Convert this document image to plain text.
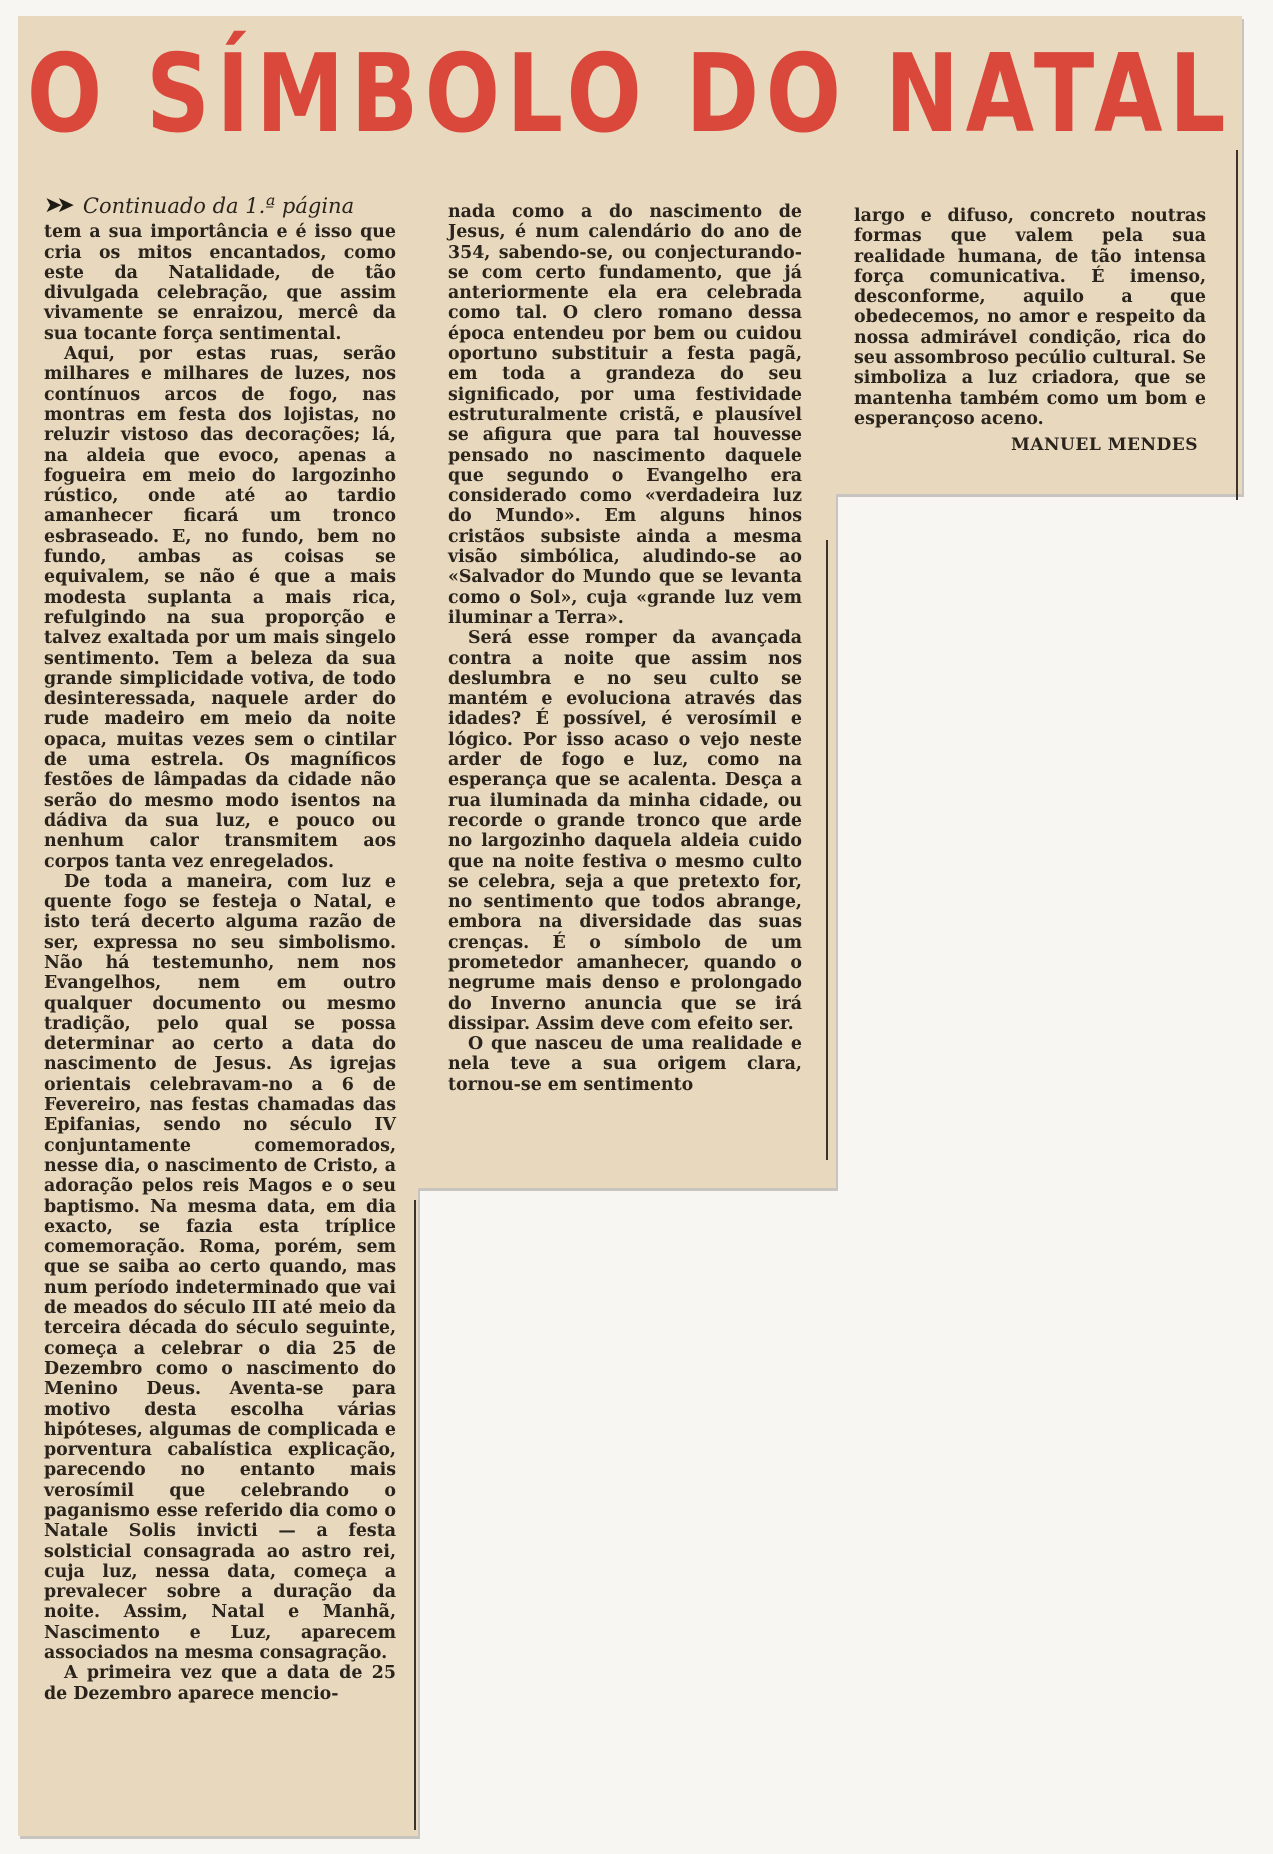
O SÍMBOLO DO NATAL
➤➤ Continuado da 1.ª página

tem a sua importância e é isso que cria os mitos encantados, como este da Natalidade, de tão divulgada celebração, que assim vivamente se enraizou, mercê da sua tocante força sentimental.

Aqui, por estas ruas, serão milhares e milhares de luzes, nos contínuos arcos de fogo, nas montras em festa dos lojistas, no reluzir vistoso das decorações; lá, na aldeia que evoco, apenas a fogueira em meio do largozinho rústico, onde até ao tardio amanhecer ficará um tronco esbraseado. E, no fundo, bem no fundo, ambas as coisas se equivalem, se não é que a mais modesta suplanta a mais rica, refulgindo na sua proporção e talvez exaltada por um mais singelo sentimento. Tem a beleza da sua grande simplicidade votiva, de todo desinteressada, naquele arder do rude madeiro em meio da noite opaca, muitas vezes sem o cintilar de uma estrela. Os magníficos festões de lâmpadas da cidade não serão do mesmo modo isentos na dádiva da sua luz, e pouco ou nenhum calor transmitem aos corpos tanta vez enregelados.

De toda a maneira, com luz e quente fogo se festeja o Natal, e isto terá decerto alguma razão de ser, expressa no seu simbolismo. Não há testemunho, nem nos Evangelhos, nem em outro qualquer documento ou mesmo tradição, pelo qual se possa determinar ao certo a data do nascimento de Jesus. As igrejas orientais celebravam-no a 6 de Fevereiro, nas festas chamadas das Epifanias, sendo no século IV conjuntamente comemorados, nesse dia, o nascimento de Cristo, a adoração pelos reis Magos e o seu baptismo. Na mesma data, em dia exacto, se fazia esta tríplice comemoração. Roma, porém, sem que se saiba ao certo quando, mas num período indeterminado que vai de meados do século III até meio da terceira década do século seguinte, começa a celebrar o dia 25 de Dezembro como o nascimento do Menino Deus. Aventa-se para motivo desta escolha várias hipóteses, algumas de complicada e porventura cabalística explicação, parecendo no entanto mais verosímil que celebrando o paganismo esse referido dia como o Natale Solis invicti — a festa solsticial consagrada ao astro rei, cuja luz, nessa data, começa a prevalecer sobre a duração da noite. Assim, Natal e Manhã, Nascimento e Luz, aparecem associados na mesma consagração.

A primeira vez que a data de 25 de Dezembro aparece mencio-

nada como a do nascimento de Jesus, é num calendário do ano de 354, sabendo-se, ou conjecturando-se com certo fundamento, que já anteriormente ela era celebrada como tal. O clero romano dessa época entendeu por bem ou cuidou oportuno substituir a festa pagã, em toda a grandeza do seu significado, por uma festividade estruturalmente cristã, e plausível se afigura que para tal houvesse pensado no nascimento daquele que segundo o Evangelho era considerado como «verdadeira luz do Mundo». Em alguns hinos cristãos subsiste ainda a mesma visão simbólica, aludindo-se ao «Salvador do Mundo que se levanta como o Sol», cuja «grande luz vem iluminar a Terra».

Será esse romper da avançada contra a noite que assim nos deslumbra e no seu culto se mantém e evoluciona através das idades? É possível, é verosímil e lógico. Por isso acaso o vejo neste arder de fogo e luz, como na esperança que se acalenta. Desça a rua iluminada da minha cidade, ou recorde o grande tronco que arde no largozinho daquela aldeia cuido que na noite festiva o mesmo culto se celebra, seja a que pretexto for, no sentimento que todos abrange, embora na diversidade das suas crenças. É o símbolo de um prometedor amanhecer, quando o negrume mais denso e prolongado do Inverno anuncia que se irá dissipar. Assim deve com efeito ser.

O que nasceu de uma realidade e nela teve a sua origem clara, tornou-se em sentimento

largo e difuso, concreto noutras formas que valem pela sua realidade humana, de tão intensa força comunicativa. É imenso, desconforme, aquilo a que obedecemos, no amor e respeito da nossa admirável condição, rica do seu assombroso pecúlio cultural. Se simboliza a luz criadora, que se mantenha também como um bom e esperançoso aceno.

MANUEL MENDES
